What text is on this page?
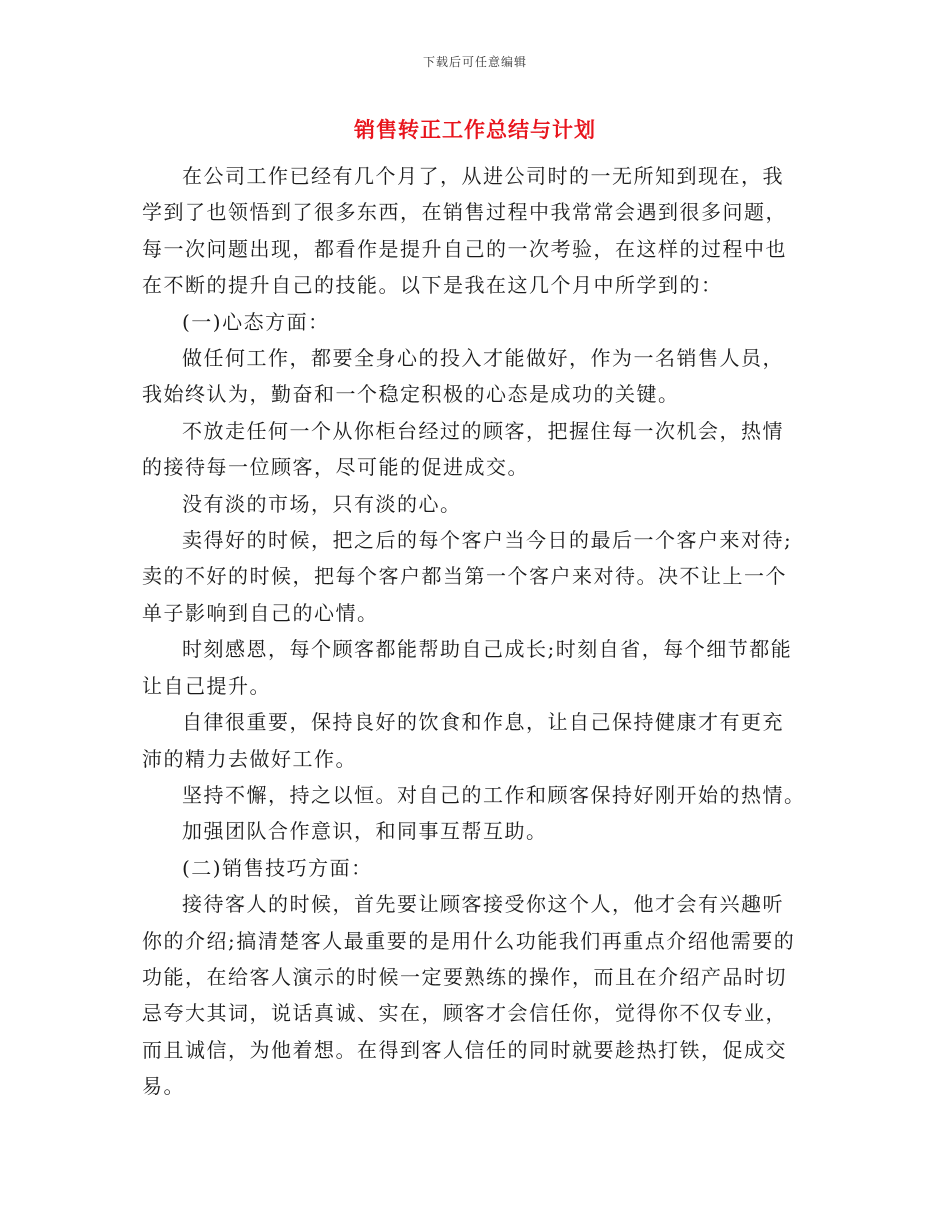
下载后可任意编辑
销售转正工作总结与计划

在公司工作已经有几个月了，从进公司时的一无所知到现在，我
学到了也领悟到了很多东西，在销售过程中我常常会遇到很多问题，
每一次问题出现，都看作是提升自己的一次考验，在这样的过程中也
在不断的提升自己的技能。以下是我在这几个月中所学到的：

(一)心态方面：

做任何工作，都要全身心的投入才能做好，作为一名销售人员，
我始终认为，勤奋和一个稳定积极的心态是成功的关键。

不放走任何一个从你柜台经过的顾客，把握住每一次机会，热情
的接待每一位顾客，尽可能的促进成交。

没有淡的市场，只有淡的心。

卖得好的时候，把之后的每个客户当今日的最后一个客户来对待;
卖的不好的时候，把每个客户都当第一个客户来对待。决不让上一个
单子影响到自己的心情。

时刻感恩，每个顾客都能帮助自己成长;时刻自省，每个细节都能
让自己提升。

自律很重要，保持良好的饮食和作息，让自己保持健康才有更充
沛的精力去做好工作。

坚持不懈，持之以恒。对自己的工作和顾客保持好刚开始的热情。

加强团队合作意识，和同事互帮互助。

(二)销售技巧方面：

接待客人的时候，首先要让顾客接受你这个人，他才会有兴趣听
你的介绍;搞清楚客人最重要的是用什么功能我们再重点介绍他需要的
功能，在给客人演示的时候一定要熟练的操作，而且在介绍产品时切
忌夸大其词，说话真诚、实在，顾客才会信任你，觉得你不仅专业，
而且诚信，为他着想。在得到客人信任的同时就要趁热打铁，促成交
易。
